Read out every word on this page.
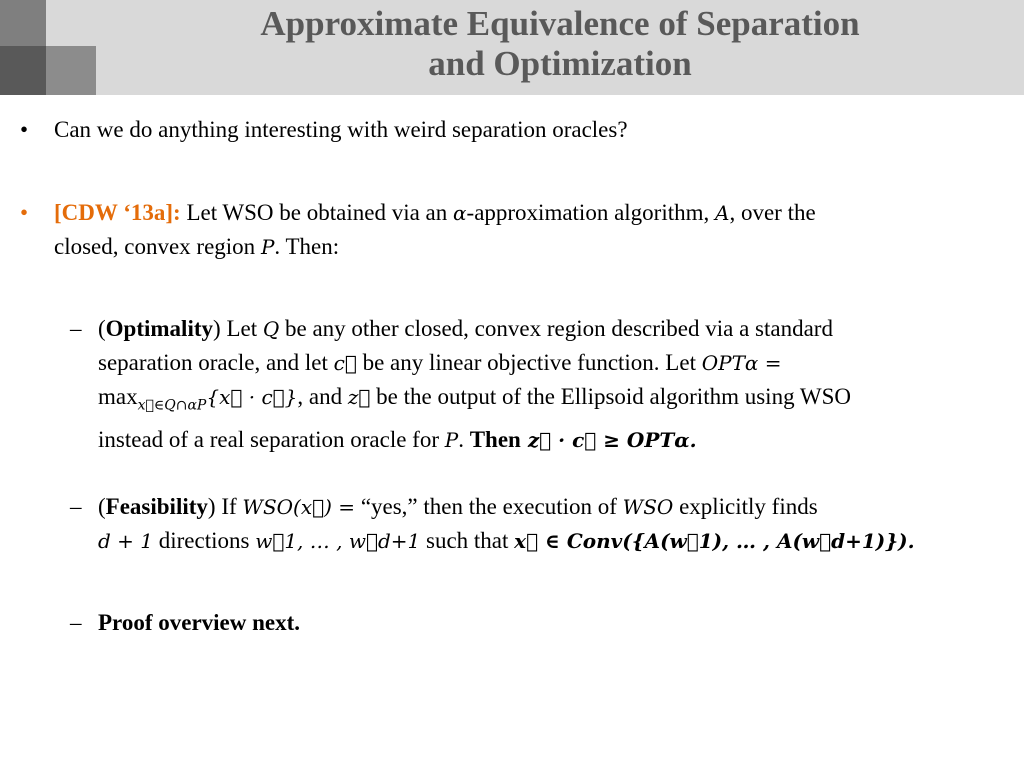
Approximate Equivalence of Separation
and Optimization
• Can we do anything interesting with weird separation oracles?
• [CDW ‘13a]: Let WSO be obtained via an α-approximation algorithm, A, over the
closed, convex region P. Then:
– (Optimality) Let Q be any other closed, convex region described via a standard
separation oracle, and let c⃗ be any linear objective function. Let OPTα =
$\max_{x⃗\in Q\cap\alpha P}\{x⃗$ · c⃗}, and z⃗ be the output of the Ellipsoid algorithm using WSO
instead of a real separation oracle for P. Then z⃗ · c⃗ ≥ OPTα.
– (Feasibility) If WSO(x⃗) = “yes,” then the execution of WSO explicitly finds
d + 1 directions w⃗1, … , w⃗d+1 such that x⃗ ∈ Conv({A(w⃗1), … , A(w⃗d+1)}).
– Proof overview next.
